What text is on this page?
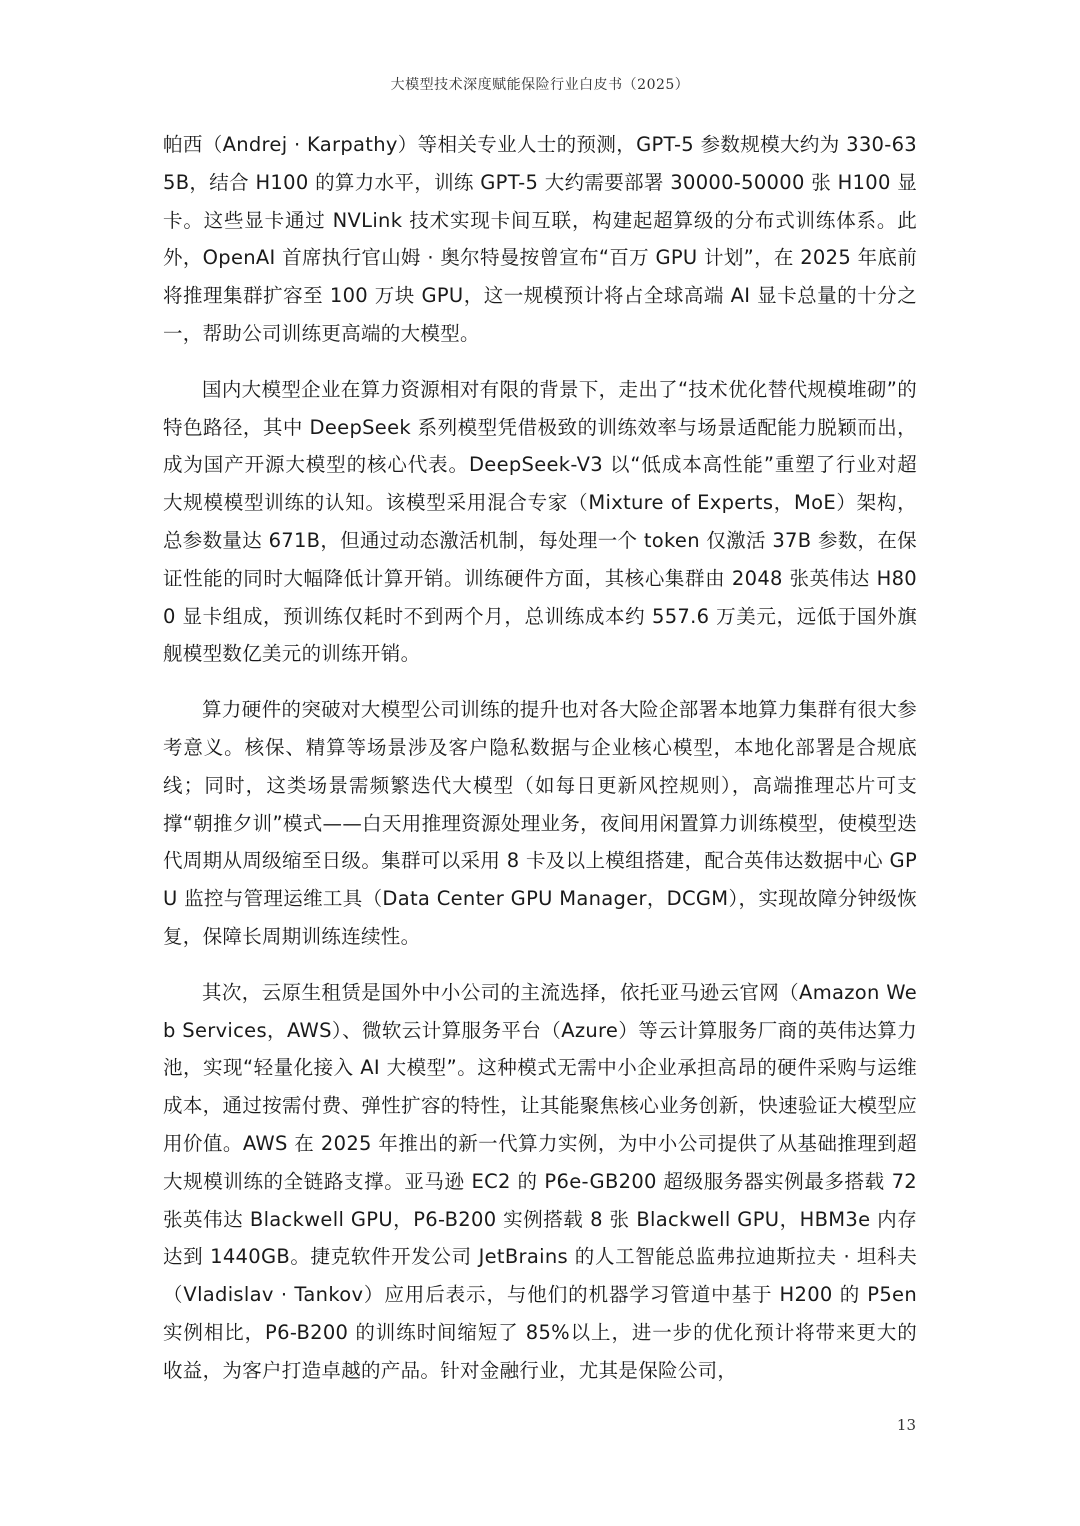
大模型技术深度赋能保险行业白皮书（2025）

帕西（Andrej · Karpathy）等相关专业人士的预测，GPT-5 参数规模大约为 330-635B，结合 H100 的算力水平，训练 GPT-5 大约需要部署 30000-50000 张 H100 显卡。这些显卡通过 NVLink 技术实现卡间互联，构建起超算级的分布式训练体系。此外，OpenAI 首席执行官山姆 · 奥尔特曼按曾宣布“百万 GPU 计划”，在 2025 年底前将推理集群扩容至 100 万块 GPU，这一规模预计将占全球高端 AI 显卡总量的十分之一，帮助公司训练更高端的大模型。

国内大模型企业在算力资源相对有限的背景下，走出了“技术优化替代规模堆砌”的特色路径，其中 DeepSeek 系列模型凭借极致的训练效率与场景适配能力脱颖而出，成为国产开源大模型的核心代表。DeepSeek-V3 以“低成本高性能”重塑了行业对超大规模模型训练的认知。该模型采用混合专家（Mixture of Experts，MoE）架构，总参数量达 671B，但通过动态激活机制，每处理一个 token 仅激活 37B 参数，在保证性能的同时大幅降低计算开销。训练硬件方面，其核心集群由 2048 张英伟达 H800 显卡组成，预训练仅耗时不到两个月，总训练成本约 557.6 万美元，远低于国外旗舰模型数亿美元的训练开销。

算力硬件的突破对大模型公司训练的提升也对各大险企部署本地算力集群有很大参考意义。核保、精算等场景涉及客户隐私数据与企业核心模型，本地化部署是合规底线；同时，这类场景需频繁迭代大模型（如每日更新风控规则），高端推理芯片可支撑“朝推夕训”模式——白天用推理资源处理业务，夜间用闲置算力训练模型，使模型迭代周期从周级缩至日级。集群可以采用 8 卡及以上模组搭建，配合英伟达数据中心 GPU 监控与管理运维工具（Data Center GPU Manager，DCGM），实现故障分钟级恢复，保障长周期训练连续性。

其次，云原生租赁是国外中小公司的主流选择，依托亚马逊云官网（Amazon Web Services，AWS）、微软云计算服务平台（Azure）等云计算服务厂商的英伟达算力池，实现“轻量化接入 AI 大模型”。这种模式无需中小企业承担高昂的硬件采购与运维成本，通过按需付费、弹性扩容的特性，让其能聚焦核心业务创新，快速验证大模型应用价值。AWS 在 2025 年推出的新一代算力实例，为中小公司提供了从基础推理到超大规模训练的全链路支撑。亚马逊 EC2 的 P6e-GB200 超级服务器实例最多搭载 72 张英伟达 Blackwell GPU，P6-B200 实例搭载 8 张 Blackwell GPU，HBM3e 内存达到 1440GB。捷克软件开发公司 JetBrains 的人工智能总监弗拉迪斯拉夫 · 坦科夫（Vladislav · Tankov）应用后表示，与他们的机器学习管道中基于 H200 的 P5en 实例相比，P6-B200 的训练时间缩短了 85%以上，进一步的优化预计将带来更大的收益，为客户打造卓越的产品。针对金融行业，尤其是保险公司，

13
